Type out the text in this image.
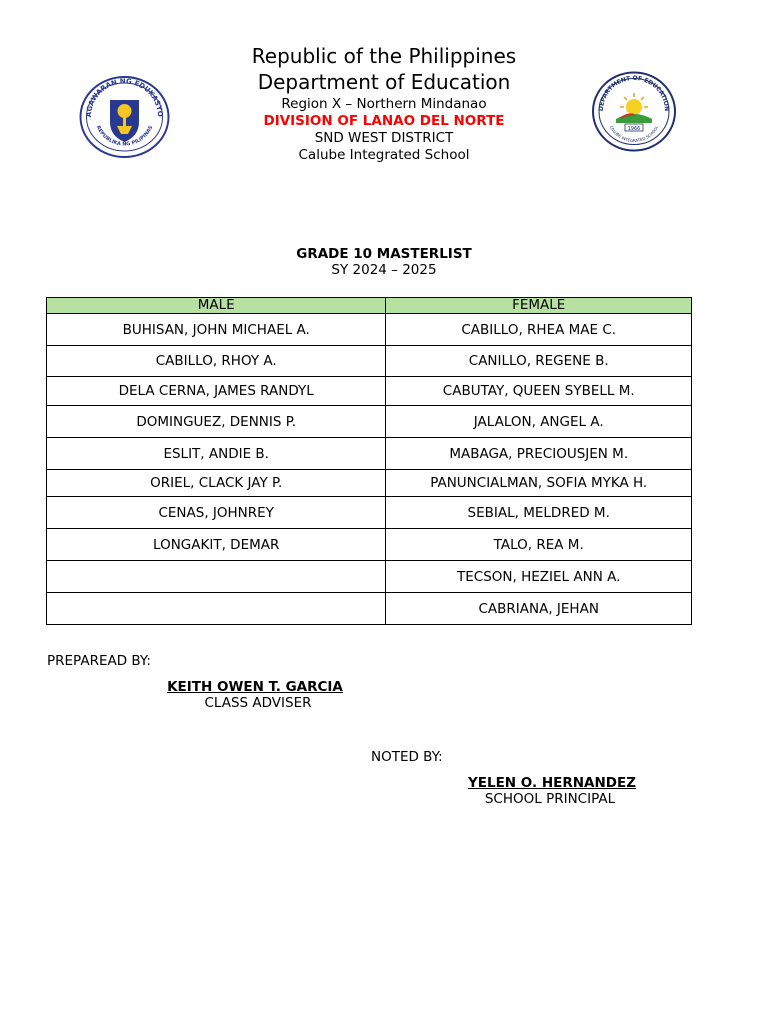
AGAWARAN NG EDUKASYO
REPUBLIKA NG PILIPINAS
DEPARTMENT OF EDUCATION
CALUBE INTEGRATED SCHOOL
1966
Republic of the Philippines
Department of Education
Region X – Northern Mindanao
DIVISION OF LANAO DEL NORTE
SND WEST DISTRICT
Calube Integrated School
GRADE 10 MASTERLIST
SY 2024 – 2025
MALE	FEMALE
BUHISAN, JOHN MICHAEL A.	CABILLO, RHEA MAE C.
CABILLO, RHOY A.	CANILLO, REGENE B.
DELA CERNA, JAMES RANDYL	CABUTAY, QUEEN SYBELL M.
DOMINGUEZ, DENNIS P.	JALALON, ANGEL A.
ESLIT, ANDIE B.	MABAGA, PRECIOUSJEN M.
ORIEL, CLACK JAY P.	PANUNCIALMAN, SOFIA MYKA H.
CENAS, JOHNREY	SEBIAL, MELDRED M.
LONGAKIT, DEMAR	TALO, REA M.
	TECSON, HEZIEL ANN A.
	CABRIANA, JEHAN
PREPAREAD BY:
KEITH OWEN T. GARCIA
CLASS ADVISER
NOTED BY:
YELEN O. HERNANDEZ
SCHOOL PRINCIPAL
